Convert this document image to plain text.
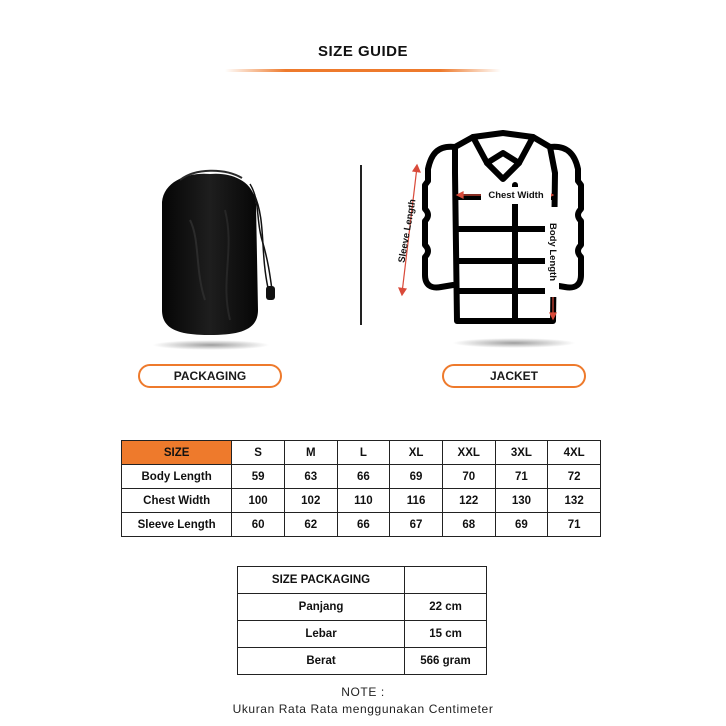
SIZE GUIDE
Chest Width
Body Length
Sleeve Length
PACKAGING	JACKET
SIZE	S	M	L	XL	XXL	3XL	4XL
Body Length	59	63	66	69	70	71	72
Chest Width	100	102	110	116	122	130	132
Sleeve Length	60	62	66	67	68	69	71
SIZE PACKAGING	
Panjang	22 cm
Lebar	15 cm
Berat	566 gram
NOTE :
Ukuran Rata Rata menggunakan Centimeter
